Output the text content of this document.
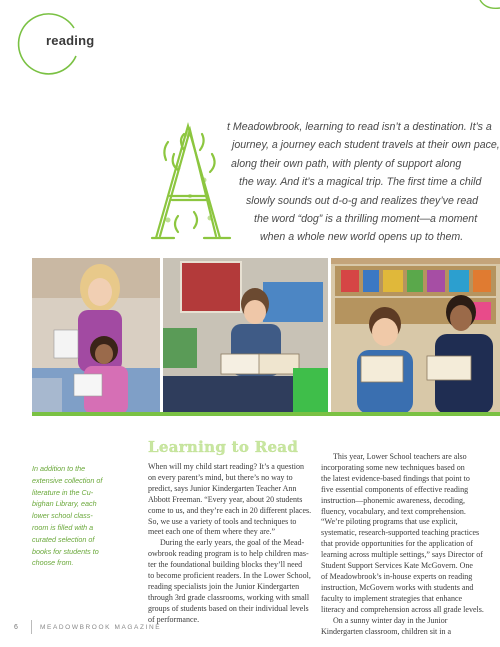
reading
t Meadowbrook, learning to read isn’t a destination. It’s a
journey, a journey each student travels at their own pace,
along their own path, with plenty of support along
the way. And it’s a magical trip. The first time a child
slowly sounds out d-o-g and realizes they’ve read
the word “dog” is a thrilling moment—a moment
when a whole new world opens up to them.
In addition to the
extensive collection of
literature in the Cu-
bighan Library, each
lower school class-
room is filled with a
curated selection of
books for students to
choose from.
Learning to Read
When will my child start reading? It’s a question
on every parent’s mind, but there’s no way to
predict, says Junior Kindergarten Teacher Ann
Abbott Freeman. “Every year, about 20 students
come to us, and they’re each in 20 different places.
So, we use a variety of tools and techniques to
meet each one of them where they are.”
During the early years, the goal of the Mead-
owbrook reading program is to help children mas-
ter the foundational building blocks they’ll need
to become proficient readers. In the Lower School,
reading specialists join the Junior Kindergarten
through 3rd grade classrooms, working with small
groups of students based on their individual levels
of performance.
This year, Lower School teachers are also
incorporating some new techniques based on
the latest evidence-based findings that point to
five essential components of effective reading
instruction—phonemic awareness, decoding,
fluency, vocabulary, and text comprehension.
“We’re piloting programs that use explicit,
systematic, research-supported teaching practices
that provide opportunities for the application of
learning across multiple settings,” says Director of
Student Support Services Kate McGovern. One
of Meadowbrook’s in-house experts on reading
instruction, McGovern works with students and
faculty to implement strategies that enhance
literacy and comprehension across all grade levels.
On a sunny winter day in the Junior
Kindergarten classroom, children sit in a
6	MEADOWBROOK MAGAZINE
